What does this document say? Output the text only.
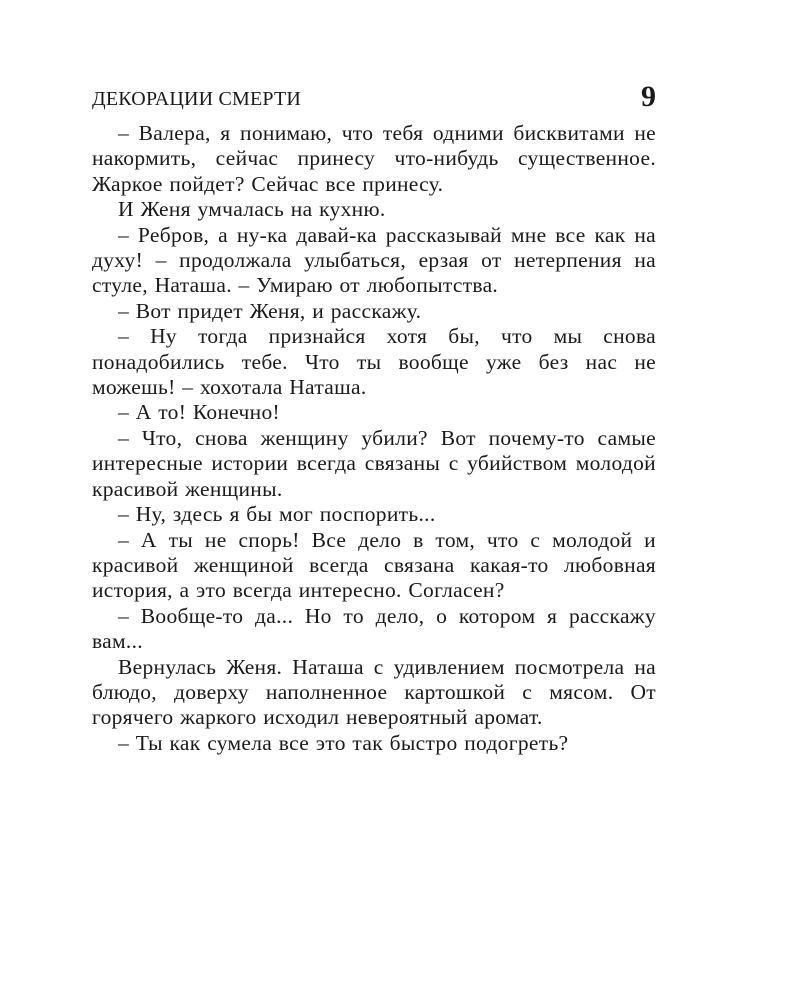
ДЕКОРАЦИИ СМЕРТИ	9

– Валера, я понимаю, что тебя одними бисквитами не накормить, сейчас принесу что-нибудь существенное. Жаркое пойдет? Сейчас все принесу.

И Женя умчалась на кухню.

– Ребров, а ну-ка давай-ка рассказывай мне все как на духу! – продолжала улыбаться, ерзая от нетерпения на стуле, Наташа. – Умираю от любопытства.

– Вот придет Женя, и расскажу.

– Ну тогда признайся хотя бы, что мы снова понадобились тебе. Что ты вообще уже без нас не можешь! – хохотала Наташа.

– А то! Конечно!

– Что, снова женщину убили? Вот почему-то самые интересные истории всегда связаны с убийством молодой красивой женщины.

– Ну, здесь я бы мог поспорить...

– А ты не спорь! Все дело в том, что с молодой и красивой женщиной всегда связана какая-то любовная история, а это всегда интересно. Согласен?

– Вообще-то да... Но то дело, о котором я расскажу вам...

Вернулась Женя. Наташа с удивлением посмотрела на блюдо, доверху наполненное картошкой с мясом. От горячего жаркого исходил невероятный аромат.

– Ты как сумела все это так быстро подогреть?
